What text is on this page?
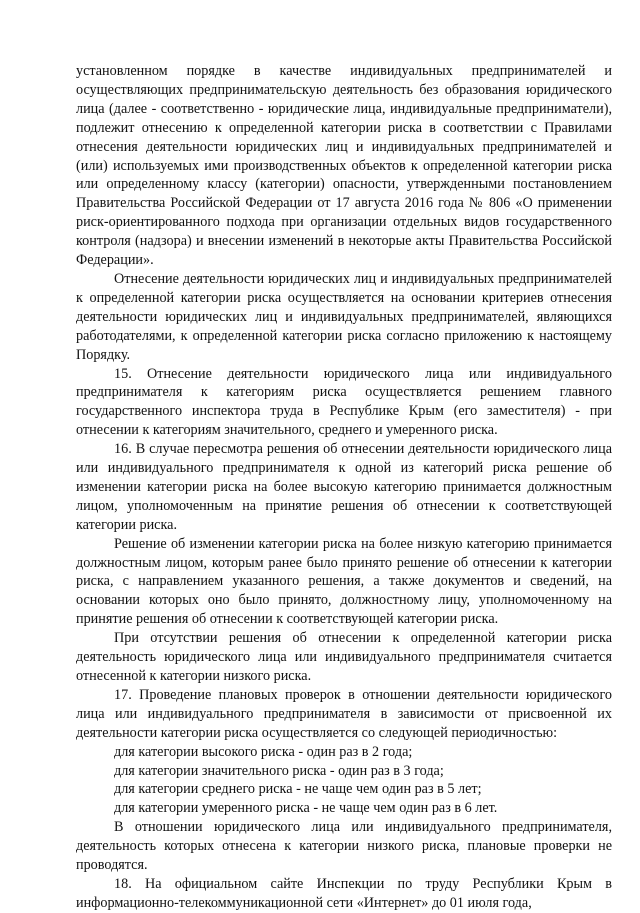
установленном порядке в качестве индивидуальных предпринимателей и осуществляющих предпринимательскую деятельность без образования юридического лица (далее - соответственно - юридические лица, индивидуальные предприниматели), подлежит отнесению к определенной категории риска в соответствии с Правилами отнесения деятельности юридических лиц и индивидуальных предпринимателей и (или) используемых ими производственных объектов к определенной категории риска или определенному классу (категории) опасности, утвержденными постановлением Правительства Российской Федерации от 17 августа 2016 года № 806 «О применении риск-ориентированного подхода при организации отдельных видов государственного контроля (надзора) и внесении изменений в некоторые акты Правительства Российской Федерации».

Отнесение деятельности юридических лиц и индивидуальных предпринимателей к определенной категории риска осуществляется на основании критериев отнесения деятельности юридических лиц и индивидуальных предпринимателей, являющихся работодателями, к определенной категории риска согласно приложению к настоящему Порядку.

15. Отнесение деятельности юридического лица или индивидуального предпринимателя к категориям риска осуществляется решением главного государственного инспектора труда в Республике Крым (его заместителя) - при отнесении к категориям значительного, среднего и умеренного риска.

16. В случае пересмотра решения об отнесении деятельности юридического лица или индивидуального предпринимателя к одной из категорий риска решение об изменении категории риска на более высокую категорию принимается должностным лицом, уполномоченным на принятие решения об отнесении к соответствующей категории риска.

Решение об изменении категории риска на более низкую категорию принимается должностным лицом, которым ранее было принято решение об отнесении к категории риска, с направлением указанного решения, а также документов и сведений, на основании которых оно было принято, должностному лицу, уполномоченному на принятие решения об отнесении к соответствующей категории риска.

При отсутствии решения об отнесении к определенной категории риска деятельность юридического лица или индивидуального предпринимателя считается отнесенной к категории низкого риска.

17. Проведение плановых проверок в отношении деятельности юридического лица или индивидуального предпринимателя в зависимости от присвоенной их деятельности категории риска осуществляется со следующей периодичностью:

для категории высокого риска - один раз в 2 года;

для категории значительного риска - один раз в 3 года;

для категории среднего риска - не чаще чем один раз в 5 лет;

для категории умеренного риска - не чаще чем один раз в 6 лет.

В отношении юридического лица или индивидуального предпринимателя, деятельность которых отнесена к категории низкого риска, плановые проверки не проводятся.

18. На официальном сайте Инспекции по труду Республики Крым в информационно-телекоммуникационной сети «Интернет» до 01 июля года,
